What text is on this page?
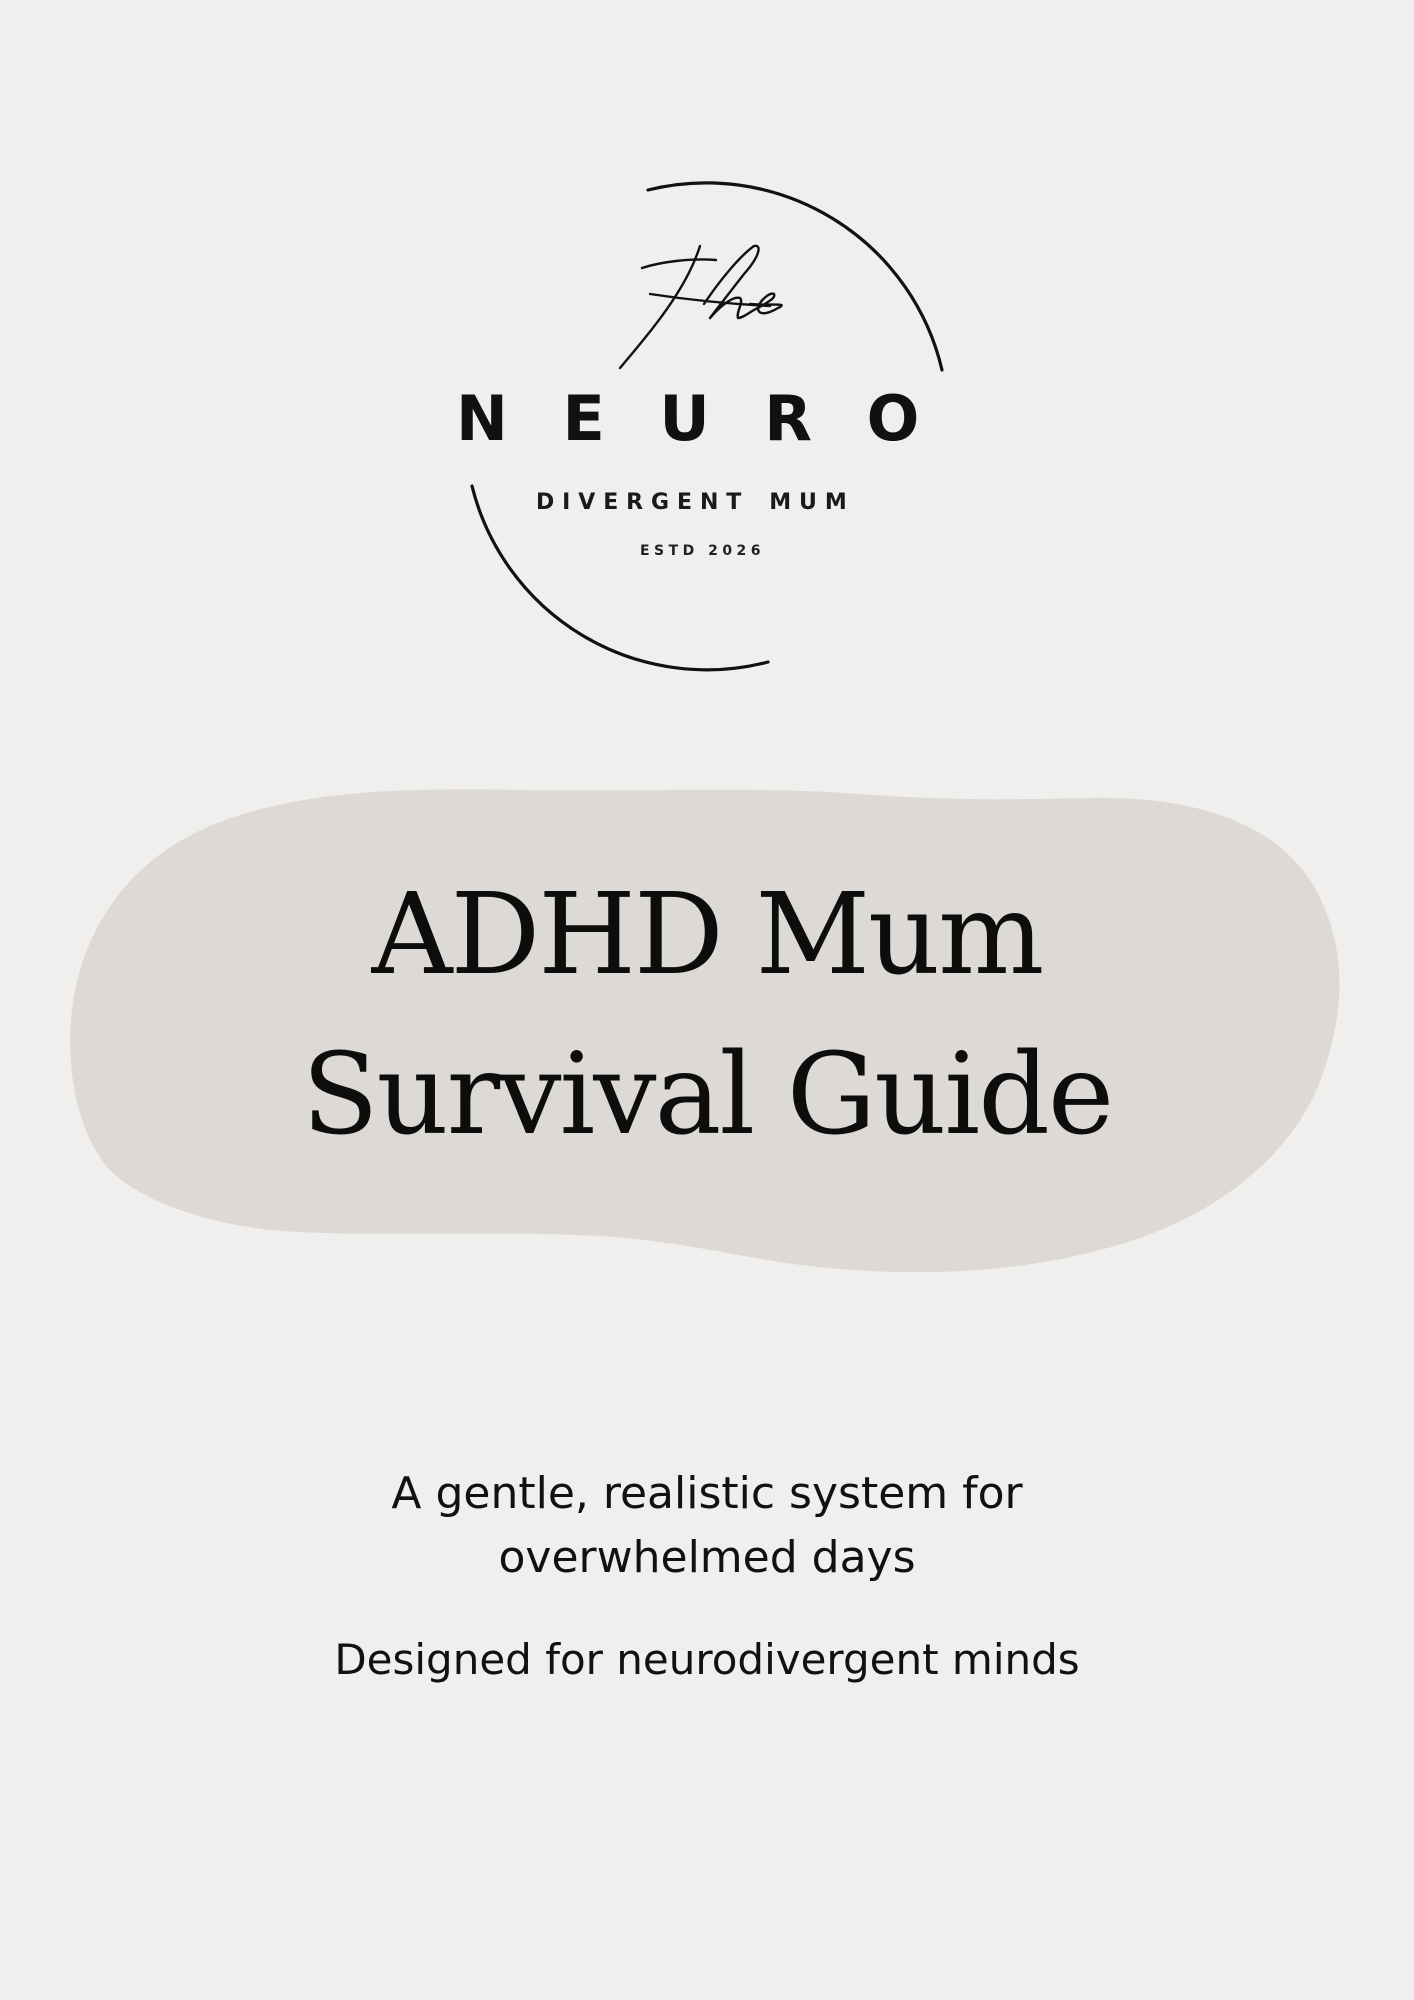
NEURO
DIVERGENT MUM
ESTD 2026
ADHD Mum
Survival Guide
A gentle, realistic system for
overwhelmed days
Designed for neurodivergent minds
